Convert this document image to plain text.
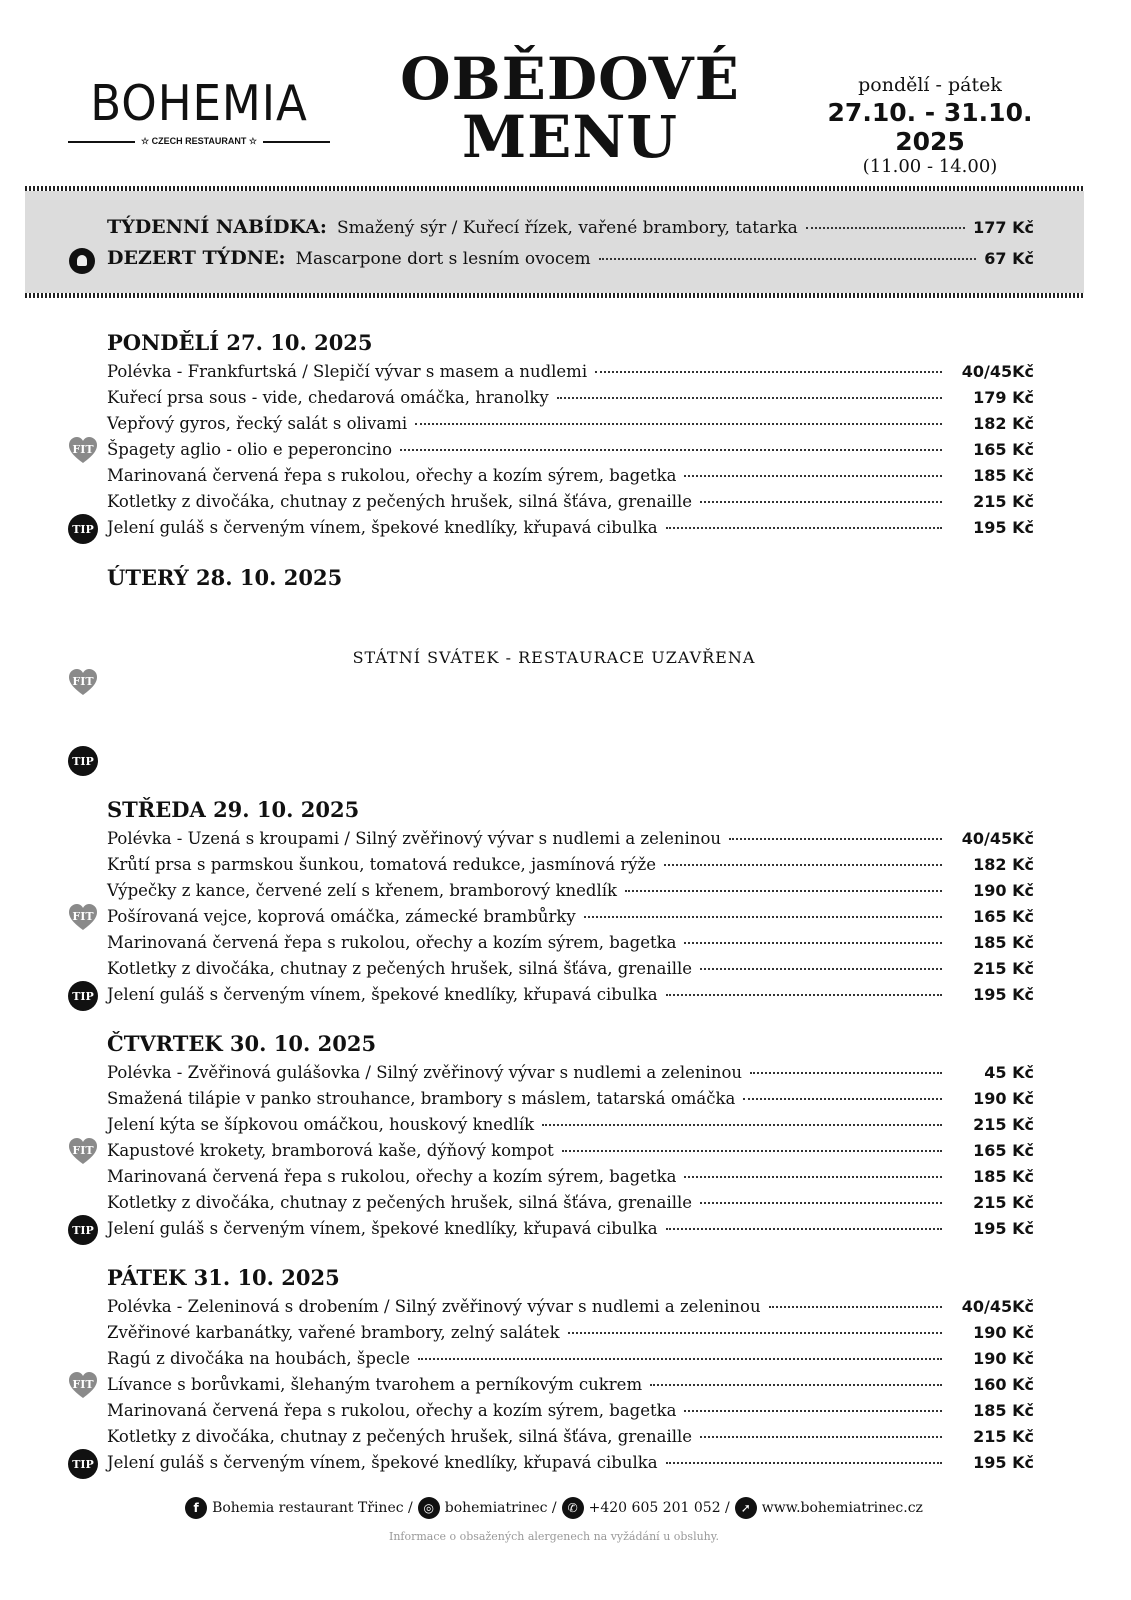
BOHEMIA
☆ CZECH RESTAURANT ☆
OBĚDOVÉ
MENU
pondělí - pátek
27.10. - 31.10. 2025
(11.00 - 14.00)
TÝDENNÍ NABÍDKA: Smažený sýr / Kuřecí řízek, vařené brambory, tatarka	177 Kč
DEZERT TÝDNE: Mascarpone dort s lesním ovocem	67 Kč
PONDĚLÍ 27. 10. 2025
Polévka - Frankfurtská / Slepičí vývar s masem a nudlemi	40/45Kč
Kuřecí prsa sous - vide, chedarová omáčka, hranolky	179 Kč
Vepřový gyros, řecký salát s olivami	182 Kč
Špagety aglio - olio e peperoncino	165 Kč
FIT
Marinovaná červená řepa s rukolou, ořechy a kozím sýrem, bagetka	185 Kč
Kotletky z divočáka, chutnay z pečených hrušek, silná šťáva, grenaille	215 Kč
Jelení guláš s červeným vínem, špekové knedlíky, křupavá cibulka	195 Kč
TIP
ÚTERÝ 28. 10. 2025
STÁTNÍ SVÁTEK - RESTAURACE UZAVŘENA
FIT
TIP
STŘEDA 29. 10. 2025
Polévka - Uzená s kroupami / Silný zvěřinový vývar s nudlemi a zeleninou	40/45Kč
Krůtí prsa s parmskou šunkou, tomatová redukce, jasmínová rýže	182 Kč
Výpečky z kance, červené zelí s křenem, bramborový knedlík	190 Kč
Pošírovaná vejce, koprová omáčka, zámecké brambůrky	165 Kč
FIT
Marinovaná červená řepa s rukolou, ořechy a kozím sýrem, bagetka	185 Kč
Kotletky z divočáka, chutnay z pečených hrušek, silná šťáva, grenaille	215 Kč
Jelení guláš s červeným vínem, špekové knedlíky, křupavá cibulka	195 Kč
TIP
ČTVRTEK 30. 10. 2025
Polévka - Zvěřinová gulášovka / Silný zvěřinový vývar s nudlemi a zeleninou	45 Kč
Smažená tilápie v panko strouhance, brambory s máslem, tatarská omáčka	190 Kč
Jelení kýta se šípkovou omáčkou, houskový knedlík	215 Kč
Kapustové krokety, bramborová kaše, dýňový kompot	165 Kč
FIT
Marinovaná červená řepa s rukolou, ořechy a kozím sýrem, bagetka	185 Kč
Kotletky z divočáka, chutnay z pečených hrušek, silná šťáva, grenaille	215 Kč
Jelení guláš s červeným vínem, špekové knedlíky, křupavá cibulka	195 Kč
TIP
PÁTEK 31. 10. 2025
Polévka - Zeleninová s drobením / Silný zvěřinový vývar s nudlemi a zeleninou	40/45Kč
Zvěřinové karbanátky, vařené brambory, zelný salátek	190 Kč
Ragú z divočáka na houbách, špecle	190 Kč
Lívance s borůvkami, šlehaným tvarohem a perníkovým cukrem	160 Kč
FIT
Marinovaná červená řepa s rukolou, ořechy a kozím sýrem, bagetka	185 Kč
Kotletky z divočáka, chutnay z pečených hrušek, silná šťáva, grenaille	215 Kč
Jelení guláš s červeným vínem, špekové knedlíky, křupavá cibulka	195 Kč
TIP
f Bohemia restaurant Třinec / ◎ bohemiatrinec / ✆ +420 605 201 052 / ➚ www.bohemiatrinec.cz
Informace o obsažených alergenech na vyžádání u obsluhy.
